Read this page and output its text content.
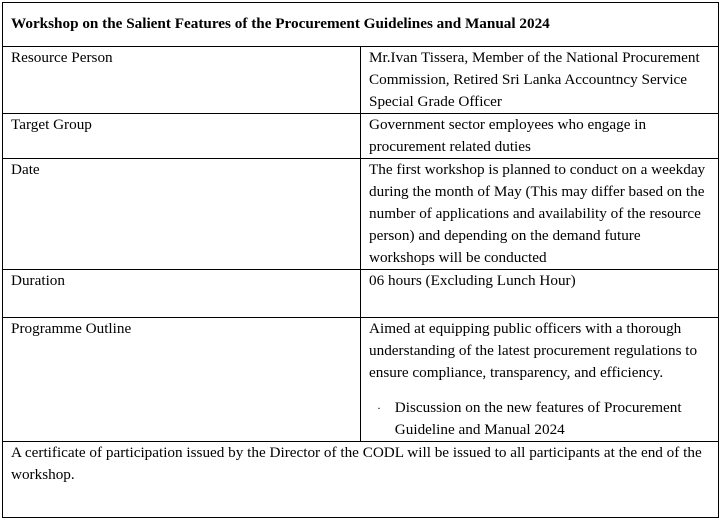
Workshop on the Salient Features of the Procurement Guidelines and Manual 2024	
Resource Person	Mr.Ivan Tissera, Member of the National Procurement Commission, Retired Sri Lanka Accountncy Service Special Grade Officer
Target Group	Government sector employees who engage in procurement related duties
Date	The first workshop is planned to conduct on a weekday during the month of May (This may differ based on the number of applications and availability of the resource person) and depending on the demand future workshops will be conducted
Duration	06 hours (Excluding Lunch Hour)
Programme Outline	Aimed at equipping public officers with a thorough understanding of the latest procurement regulations to ensure compliance, transparency, and efficiency.

· Discussion on the new features of Procurement Guideline and Manual 2024

A certificate of participation issued by the Director of the CODL will be issued to all participants at the end of the workshop.	
